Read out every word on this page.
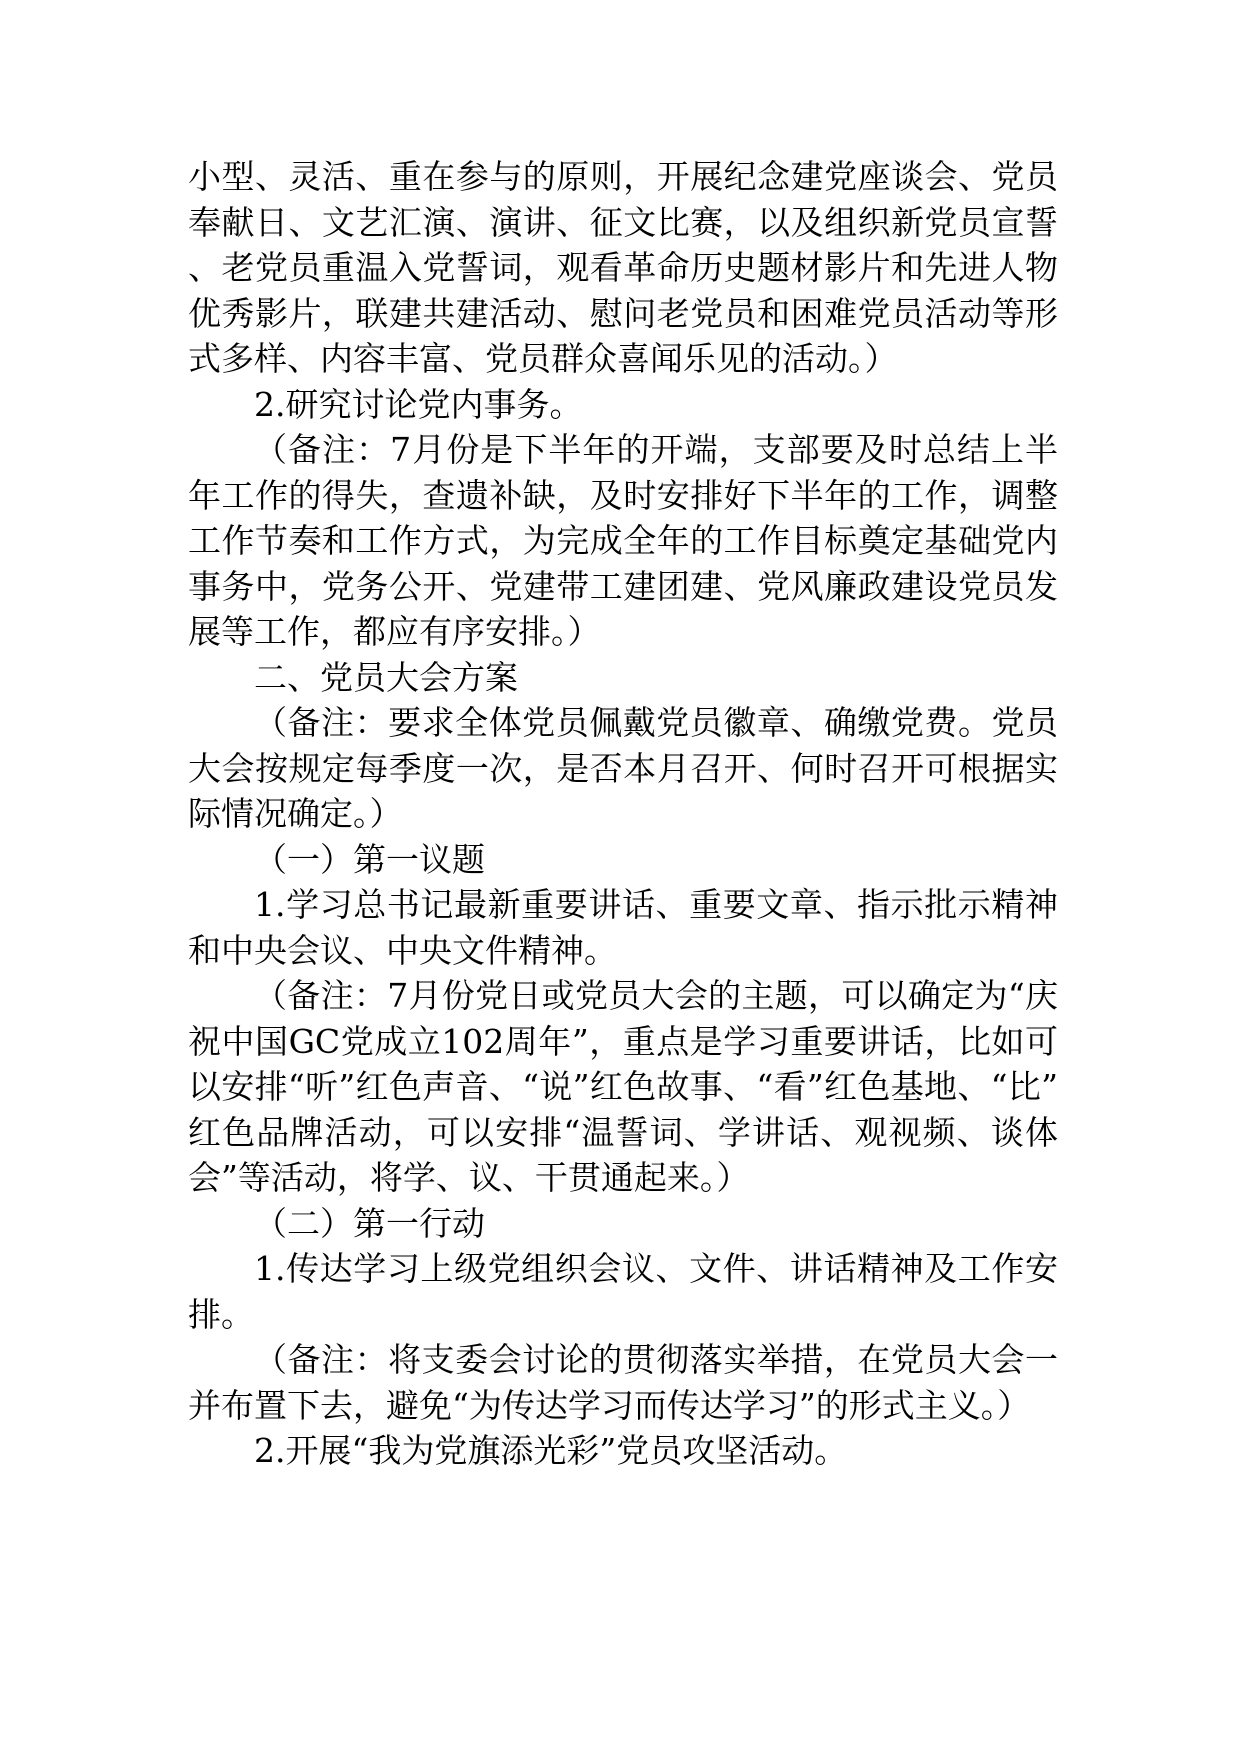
小型、灵活、重在参与的原则，开展纪念建党座谈会、党员奉献日、文艺汇演、演讲、征文比赛，以及组织新党员宣誓、老党员重温入党誓词，观看革命历史题材影片和先进人物优秀影片，联建共建活动、慰问老党员和困难党员活动等形式多样、内容丰富、党员群众喜闻乐见的活动。）

2.研究讨论党内事务。

（备注：7月份是下半年的开端，支部要及时总结上半年工作的得失，查遗补缺，及时安排好下半年的工作，调整工作节奏和工作方式，为完成全年的工作目标奠定基础党内事务中，党务公开、党建带工建团建、党风廉政建设党员发展等工作，都应有序安排。）

二、党员大会方案

（备注：要求全体党员佩戴党员徽章、确缴党费。党员大会按规定每季度一次，是否本月召开、何时召开可根据实际情况确定。）

（一）第一议题

1.学习总书记最新重要讲话、重要文章、指示批示精神和中央会议、中央文件精神。

（备注：7月份党日或党员大会的主题，可以确定为“庆祝中国GC党成立102周年”，重点是学习重要讲话，比如可以安排“听”红色声音、“说”红色故事、“看”红色基地、“比”红色品牌活动，可以安排“温誓词、学讲话、观视频、谈体会”等活动，将学、议、干贯通起来。）

（二）第一行动

1.传达学习上级党组织会议、文件、讲话精神及工作安排。

（备注：将支委会讨论的贯彻落实举措，在党员大会一并布置下去，避免“为传达学习而传达学习”的形式主义。）

2.开展“我为党旗添光彩”党员攻坚活动。
